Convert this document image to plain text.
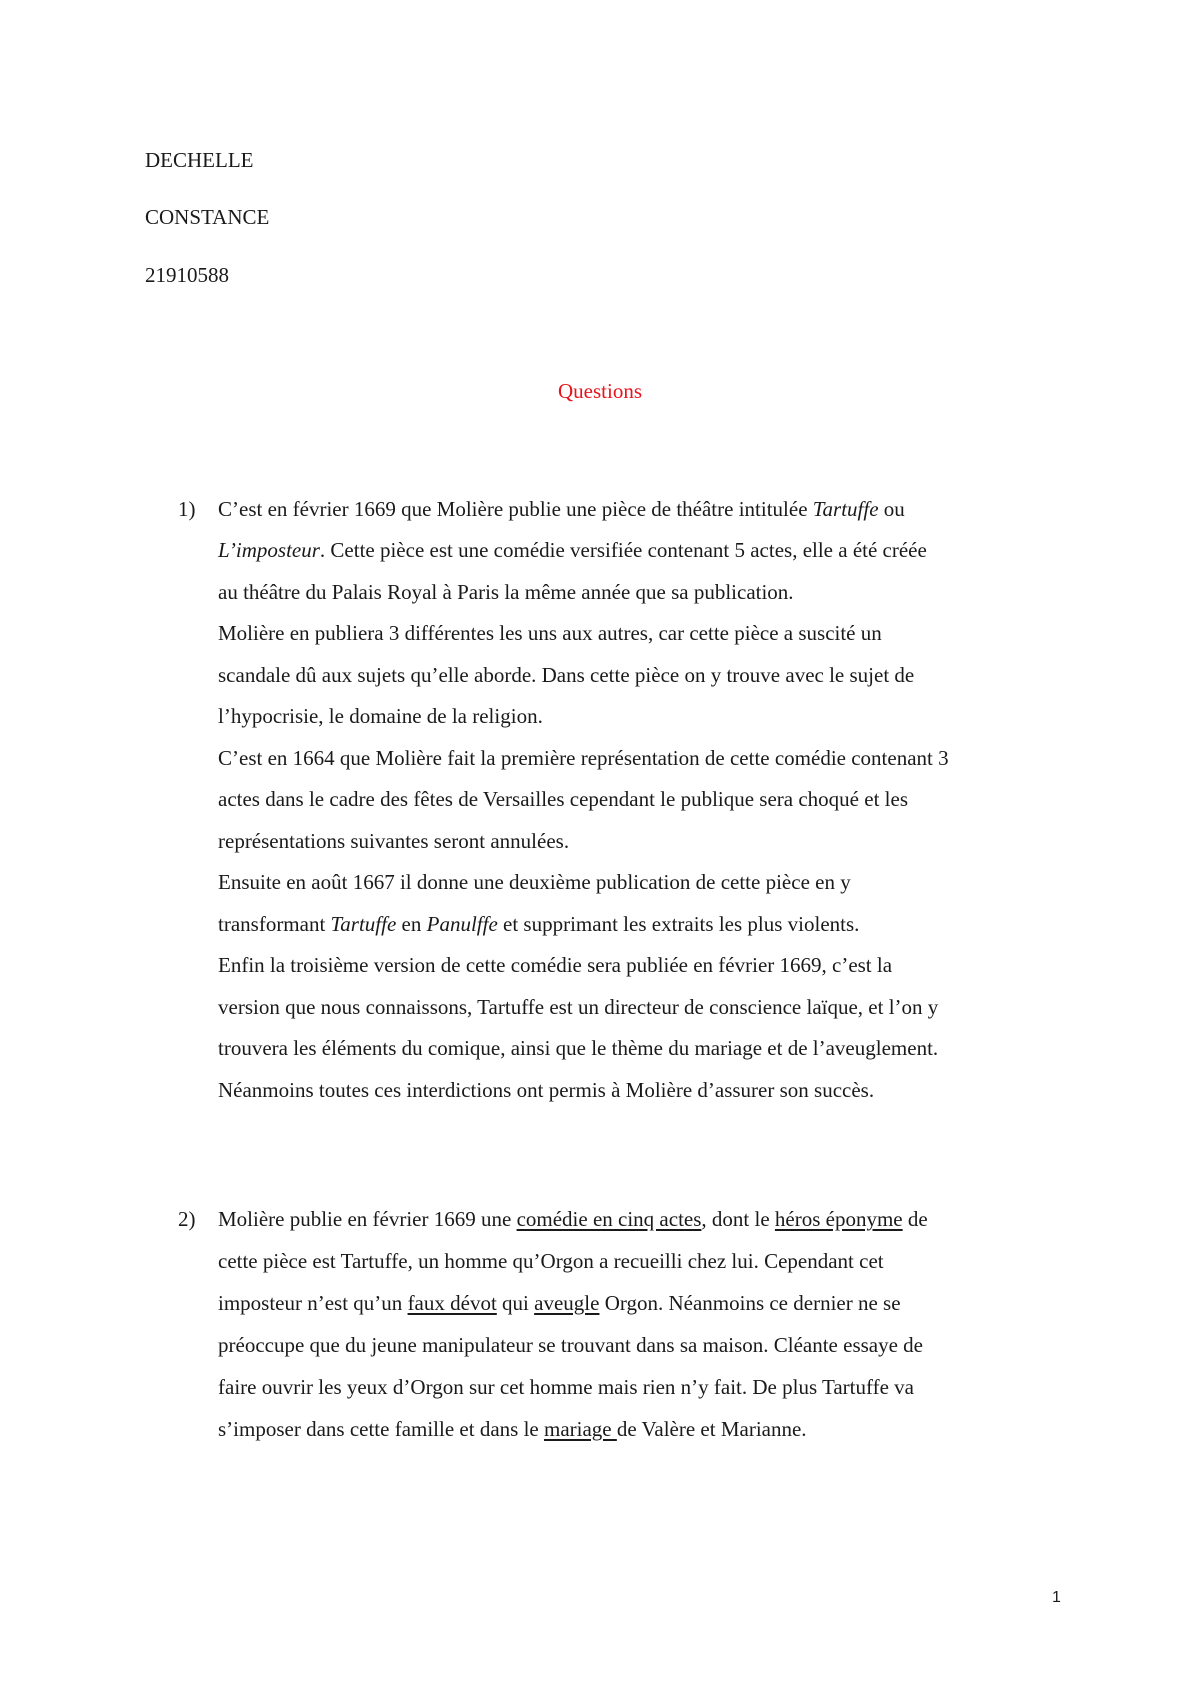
DECHELLE
CONSTANCE
21910588
Questions
1) C’est en février 1669 que Molière publie une pièce de théâtre intitulée Tartuffe ou
L’imposteur. Cette pièce est une comédie versifiée contenant 5 actes, elle a été créée
au théâtre du Palais Royal à Paris la même année que sa publication.
Molière en publiera 3 différentes les uns aux autres, car cette pièce a suscité un
scandale dû aux sujets qu’elle aborde. Dans cette pièce on y trouve avec le sujet de
l’hypocrisie, le domaine de la religion.
C’est en 1664 que Molière fait la première représentation de cette comédie contenant 3
actes dans le cadre des fêtes de Versailles cependant le publique sera choqué et les
représentations suivantes seront annulées.
Ensuite en août 1667 il donne une deuxième publication de cette pièce en y
transformant Tartuffe en Panulffe et supprimant les extraits les plus violents.
Enfin la troisième version de cette comédie sera publiée en février 1669, c’est la
version que nous connaissons, Tartuffe est un directeur de conscience laïque, et l’on y
trouvera les éléments du comique, ainsi que le thème du mariage et de l’aveuglement.
Néanmoins toutes ces interdictions ont permis à Molière d’assurer son succès.
2) Molière publie en février 1669 une comédie en cinq actes, dont le héros éponyme de
cette pièce est Tartuffe, un homme qu’Orgon a recueilli chez lui. Cependant cet
imposteur n’est qu’un faux dévot qui aveugle Orgon. Néanmoins ce dernier ne se
préoccupe que du jeune manipulateur se trouvant dans sa maison. Cléante essaye de
faire ouvrir les yeux d’Orgon sur cet homme mais rien n’y fait. De plus Tartuffe va
s’imposer dans cette famille et dans le mariage de Valère et Marianne.
1
